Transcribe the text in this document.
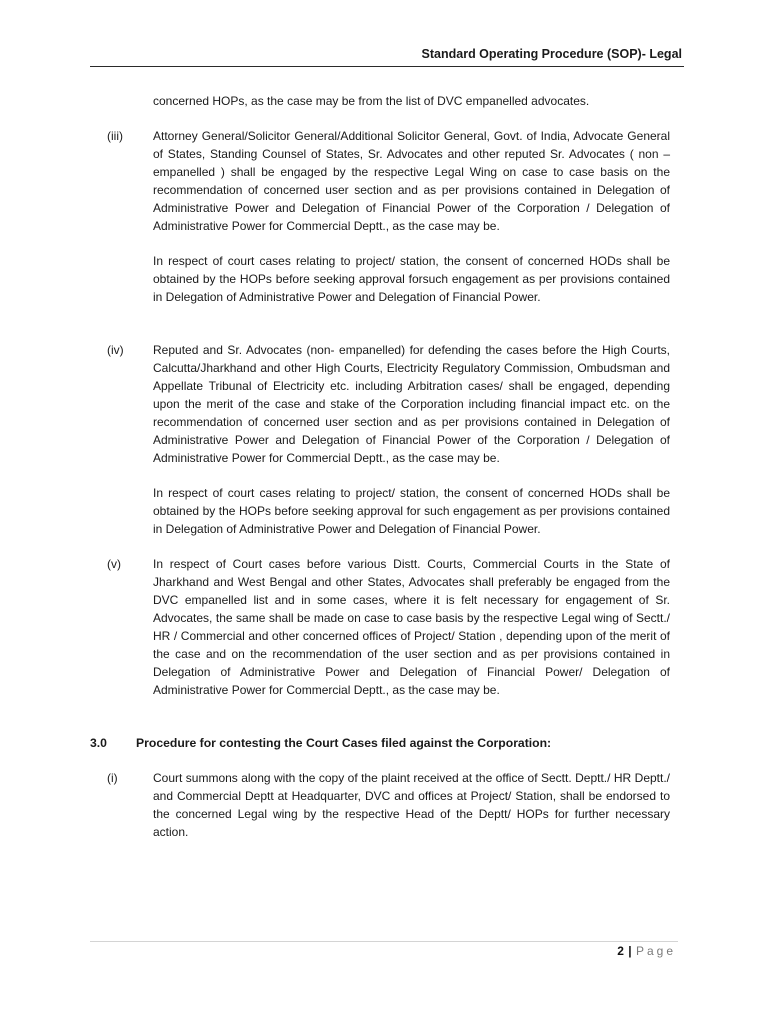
Standard Operating Procedure (SOP)- Legal
concerned HOPs, as the case may be from the list of DVC empanelled advocates.
(iii)	Attorney General/Solicitor General/Additional Solicitor General, Govt. of India, Advocate General of States, Standing Counsel of States, Sr. Advocates and other reputed Sr. Advocates ( non –empanelled ) shall be engaged by the respective Legal Wing on case to case basis on the recommendation of concerned user section and as per provisions contained in Delegation of Administrative Power and Delegation of Financial Power of the Corporation / Delegation of Administrative Power for Commercial Deptt., as the case may be.
In respect of court cases relating to project/ station, the consent of concerned HODs shall be obtained by the HOPs before seeking approval forsuch engagement as per provisions contained in Delegation of Administrative Power and Delegation of Financial Power.
(iv) Reputed and Sr. Advocates (non- empanelled) for defending the cases before the High Courts, Calcutta/Jharkhand and other High Courts, Electricity Regulatory Commission, Ombudsman and Appellate Tribunal of Electricity etc. including Arbitration cases/ shall be engaged, depending upon the merit of the case and stake of the Corporation including financial impact etc. on the recommendation of concerned user section and as per provisions contained in Delegation of Administrative Power and Delegation of Financial Power of the Corporation / Delegation of Administrative Power for Commercial Deptt., as the case may be.
In respect of court cases relating to project/ station, the consent of concerned HODs shall be obtained by the HOPs before seeking approval for such engagement as per provisions contained in Delegation of Administrative Power and Delegation of Financial Power.
(v)	In respect of Court cases before various Distt. Courts, Commercial Courts in the State of Jharkhand and West Bengal and other States, Advocates shall preferably be engaged from the DVC empanelled list and in some cases, where it is felt necessary for engagement of Sr. Advocates, the same shall be made on case to case basis by the respective Legal wing of Sectt./ HR / Commercial and other concerned offices of Project/ Station , depending upon of the merit of the case and on the recommendation of the user section and as per provisions contained in Delegation of Administrative Power and Delegation of Financial Power/ Delegation of Administrative Power for Commercial Deptt., as the case may be.
3.0 Procedure for contesting the Court Cases filed against the Corporation:
(i)	Court summons along with the copy of the plaint received at the office of Sectt. Deptt./ HR Deptt./ and Commercial Deptt at Headquarter, DVC and offices at Project/ Station, shall be endorsed to the concerned Legal wing by the respective Head of the Deptt/ HOPs for further necessary action.
2 | Page
